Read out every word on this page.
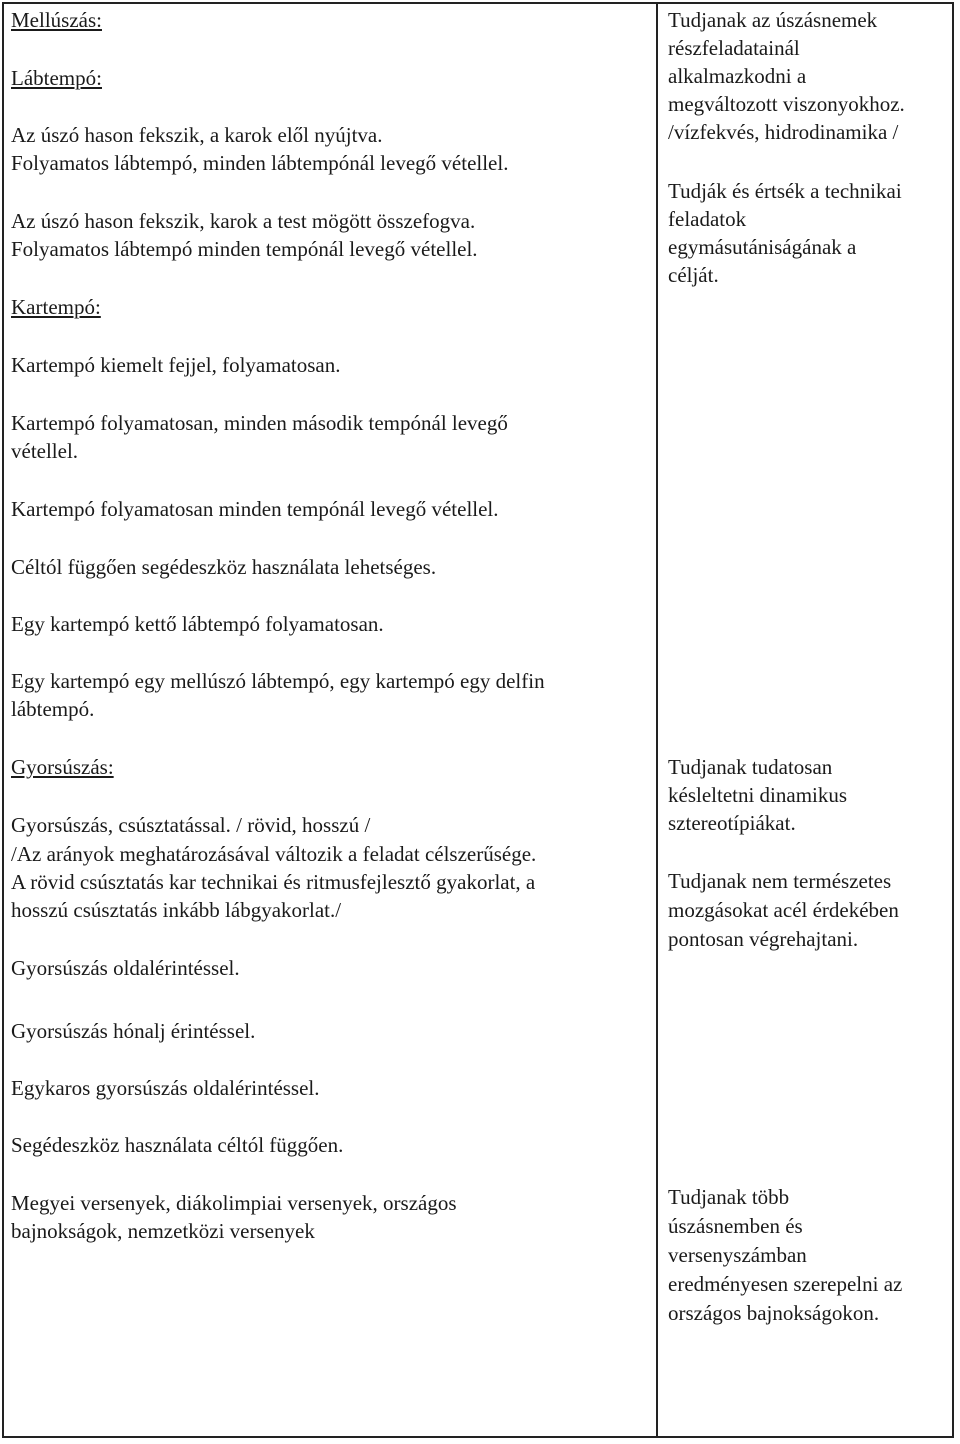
Mellúszás:
Lábtempó:
Az úszó hason fekszik, a karok elől nyújtva.
Folyamatos lábtempó, minden lábtempónál levegő vétellel.
Az úszó hason fekszik, karok a test mögött összefogva.
Folyamatos lábtempó minden tempónál levegő vétellel.
Kartempó:
Kartempó kiemelt fejjel, folyamatosan.
Kartempó folyamatosan, minden második tempónál levegő
vétellel.
Kartempó folyamatosan minden tempónál levegő vétellel.
Céltól függően segédeszköz használata lehetséges.
Egy kartempó kettő lábtempó folyamatosan.
Egy kartempó egy mellúszó lábtempó, egy kartempó egy delfin
lábtempó.
Gyorsúszás:
Gyorsúszás, csúsztatással. / rövid, hosszú /
/Az arányok meghatározásával változik a feladat célszerűsége.
A rövid csúsztatás kar technikai és ritmusfejlesztő gyakorlat, a
hosszú csúsztatás inkább lábgyakorlat./
Gyorsúszás oldalérintéssel.
Gyorsúszás hónalj érintéssel.
Egykaros gyorsúszás oldalérintéssel.
Segédeszköz használata céltól függően.
Megyei versenyek, diákolimpiai versenyek, országos
bajnokságok, nemzetközi versenyek
Tudjanak az úszásnemek
részfeladatainál
alkalmazkodni a
megváltozott viszonyokhoz.
/vízfekvés, hidrodinamika /
Tudják és értsék a technikai
feladatok
egymásutániságának a
célját.
Tudjanak tudatosan
késleltetni dinamikus
sztereotípiákat.
Tudjanak nem természetes
mozgásokat acél érdekében
pontosan végrehajtani.
Tudjanak több
úszásnemben és
versenyszámban
eredményesen szerepelni az
országos bajnokságokon.
